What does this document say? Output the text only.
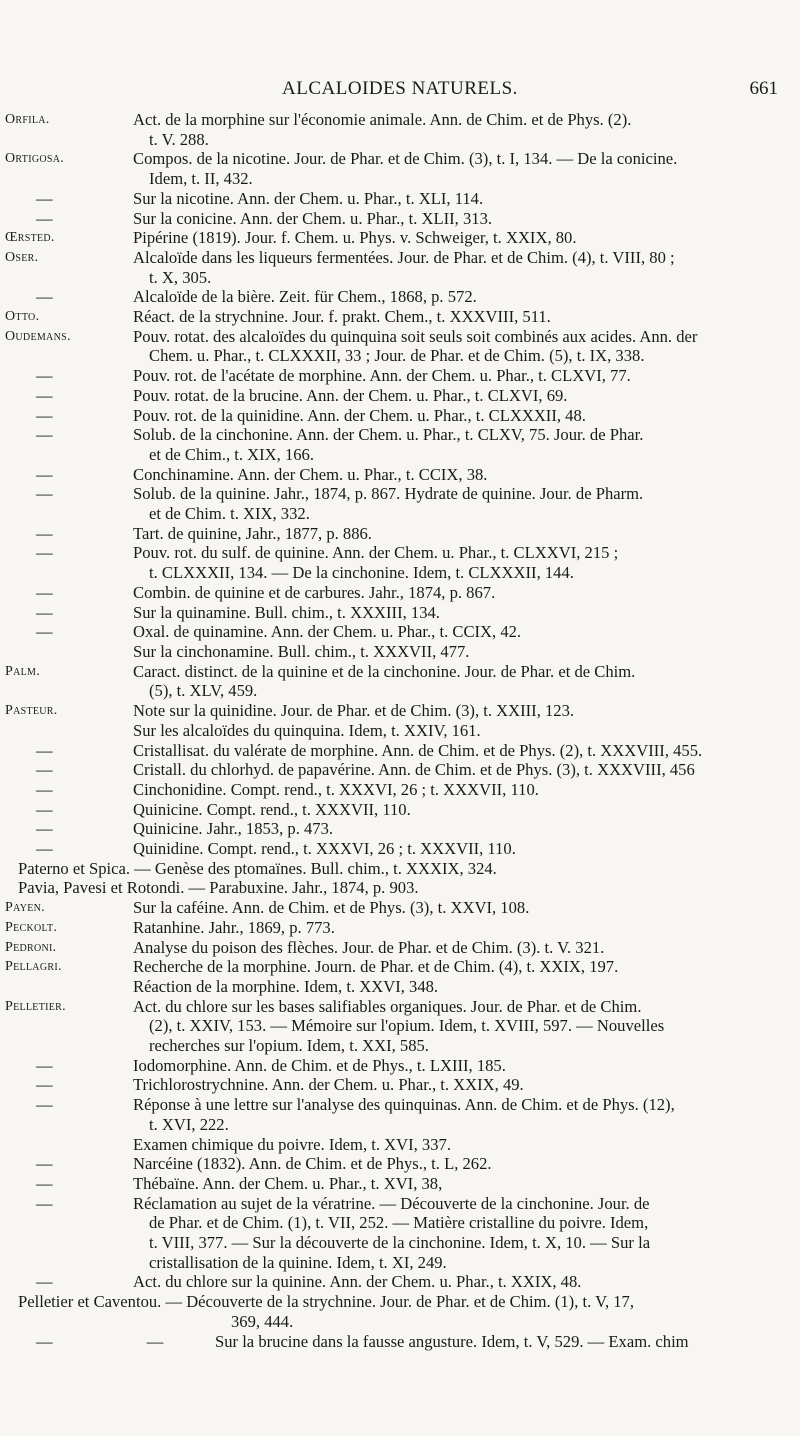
ALCALOIDES NATURELS.	661
Orfila.	Act. de la morphine sur l'économie animale. Ann. de Chim. et de Phys. (2).
t. V. 288.
Ortigosa.	Compos. de la nicotine. Jour. de Phar. et de Chim. (3), t. I, 134. — De la conicine.
Idem, t. II, 432.
—	Sur la nicotine. Ann. der Chem. u. Phar., t. XLI, 114.
—	Sur la conicine. Ann. der Chem. u. Phar., t. XLII, 313.
Œrsted.	Pipérine (1819). Jour. f. Chem. u. Phys. v. Schweiger, t. XXIX, 80.
Oser.	Alcaloïde dans les liqueurs fermentées. Jour. de Phar. et de Chim. (4), t. VIII, 80 ;
t. X, 305.
—	Alcaloïde de la bière. Zeit. für Chem., 1868, p. 572.
Otto.	Réact. de la strychnine. Jour. f. prakt. Chem., t. XXXVIII, 511.
Oudemans.	Pouv. rotat. des alcaloïdes du quinquina soit seuls soit combinés aux acides. Ann. der
Chem. u. Phar., t. CLXXXII, 33 ; Jour. de Phar. et de Chim. (5), t. IX, 338.
—	Pouv. rot. de l'acétate de morphine. Ann. der Chem. u. Phar., t. CLXVI, 77.
—	Pouv. rotat. de la brucine. Ann. der Chem. u. Phar., t. CLXVI, 69.
—	Pouv. rot. de la quinidine. Ann. der Chem. u. Phar., t. CLXXXII, 48.
—	Solub. de la cinchonine. Ann. der Chem. u. Phar., t. CLXV, 75. Jour. de Phar.
et de Chim., t. XIX, 166.
—	Conchinamine. Ann. der Chem. u. Phar., t. CCIX, 38.
—	Solub. de la quinine. Jahr., 1874, p. 867. Hydrate de quinine. Jour. de Pharm.
et de Chim. t. XIX, 332.
—	Tart. de quinine, Jahr., 1877, p. 886.
—	Pouv. rot. du sulf. de quinine. Ann. der Chem. u. Phar., t. CLXXVI, 215 ;
t. CLXXXII, 134. — De la cinchonine. Idem, t. CLXXXII, 144.
—	Combin. de quinine et de carbures. Jahr., 1874, p. 867.
—	Sur la quinamine. Bull. chim., t. XXXIII, 134.
—	Oxal. de quinamine. Ann. der Chem. u. Phar., t. CCIX, 42.
Sur la cinchonamine. Bull. chim., t. XXXVII, 477.
Palm.	Caract. distinct. de la quinine et de la cinchonine. Jour. de Phar. et de Chim.
(5), t. XLV, 459.
Pasteur.	Note sur la quinidine. Jour. de Phar. et de Chim. (3), t. XXIII, 123.
Sur les alcaloïdes du quinquina. Idem, t. XXIV, 161.
—	Cristallisat. du valérate de morphine. Ann. de Chim. et de Phys. (2), t. XXXVIII, 455.
—	Cristall. du chlorhyd. de papavérine. Ann. de Chim. et de Phys. (3), t. XXXVIII, 456
—	Cinchonidine. Compt. rend., t. XXXVI, 26 ; t. XXXVII, 110.
—	Quinicine. Compt. rend., t. XXXVII, 110.
—	Quinicine. Jahr., 1853, p. 473.
—	Quinidine. Compt. rend., t. XXXVI, 26 ; t. XXXVII, 110.
Paterno et Spica. — Genèse des ptomaïnes. Bull. chim., t. XXXIX, 324.
Pavia, Pavesi et Rotondi. — Parabuxine. Jahr., 1874, p. 903.
Payen.	Sur la caféine. Ann. de Chim. et de Phys. (3), t. XXVI, 108.
Peckolt.	Ratanhine. Jahr., 1869, p. 773.
Pedroni.	Analyse du poison des flèches. Jour. de Phar. et de Chim. (3). t. V. 321.
Pellagri.	Recherche de la morphine. Journ. de Phar. et de Chim. (4), t. XXIX, 197.
Réaction de la morphine. Idem, t. XXVI, 348.
Pelletier.	Act. du chlore sur les bases salifiables organiques. Jour. de Phar. et de Chim.
(2), t. XXIV, 153. — Mémoire sur l'opium. Idem, t. XVIII, 597. — Nouvelles
recherches sur l'opium. Idem, t. XXI, 585.
—	Iodomorphine. Ann. de Chim. et de Phys., t. LXIII, 185.
—	Trichlorostrychnine. Ann. der Chem. u. Phar., t. XXIX, 49.
—	Réponse à une lettre sur l'analyse des quinquinas. Ann. de Chim. et de Phys. (12),
t. XVI, 222.
Examen chimique du poivre. Idem, t. XVI, 337.
—	Narcéine (1832). Ann. de Chim. et de Phys., t. L, 262.
—	Thébaïne. Ann. der Chem. u. Phar., t. XVI, 38,
—	Réclamation au sujet de la vératrine. — Découverte de la cinchonine. Jour. de
de Phar. et de Chim. (1), t. VII, 252. — Matière cristalline du poivre. Idem,
t. VIII, 377. — Sur la découverte de la cinchonine. Idem, t. X, 10. — Sur la
cristallisation de la quinine. Idem, t. XI, 249.
—	Act. du chlore sur la quinine. Ann. der Chem. u. Phar., t. XXIX, 48.
Pelletier et Caventou. — Découverte de la strychnine. Jour. de Phar. et de Chim. (1), t. V, 17,
369, 444.
— —	Sur la brucine dans la fausse angusture. Idem, t. V, 529. — Exam. chim
